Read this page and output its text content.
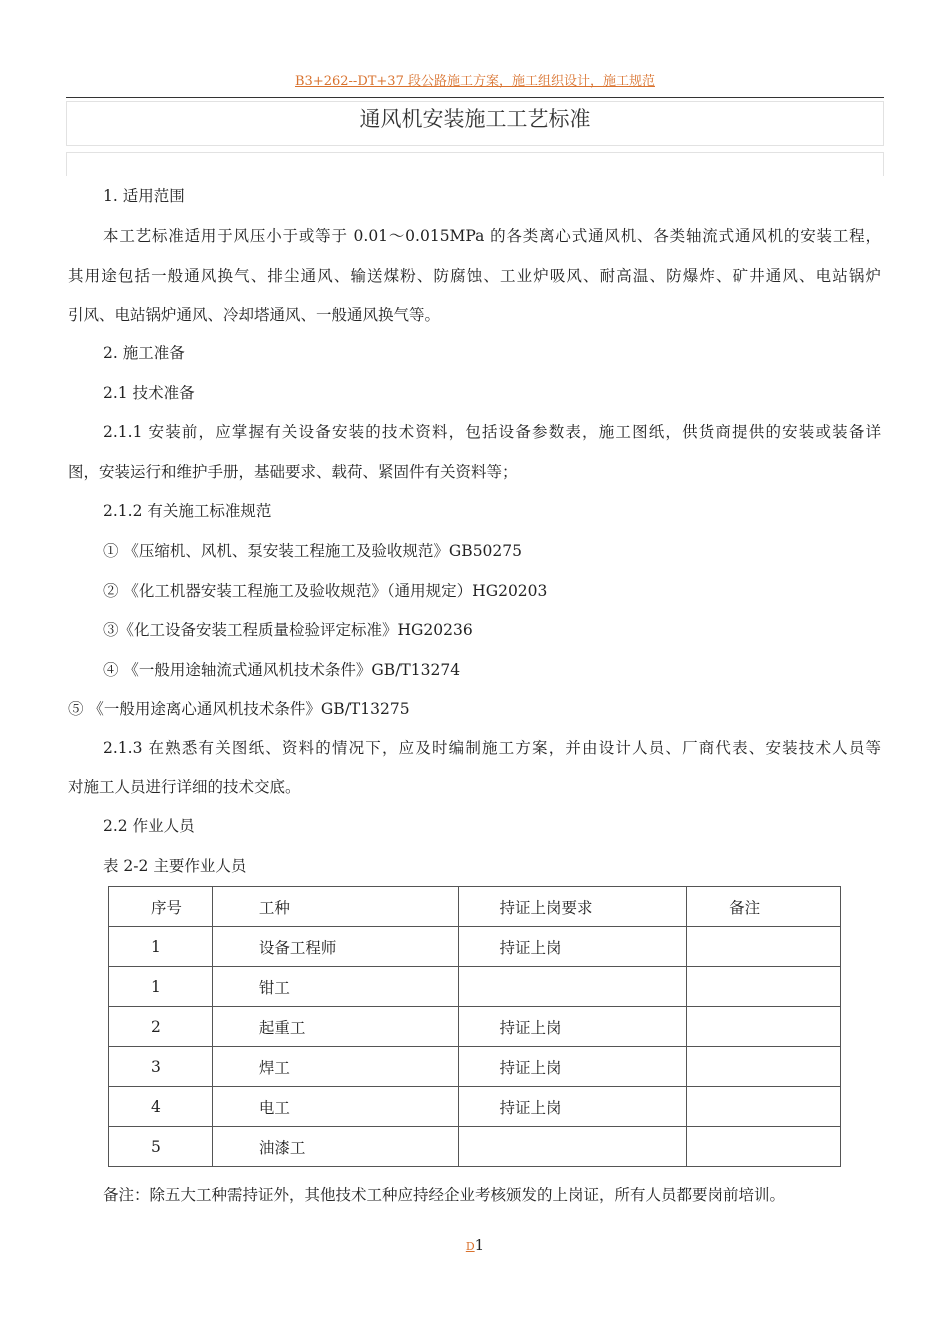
B3+262--DT+37 段公路施工方案，施工组织设计，施工规范
通风机安装施工工艺标准
1. 适用范围
本工艺标准适用于风压小于或等于 0.01～0.015MPa 的各类离心式通风机、各类轴流式通风机的安装工程，
其用途包括一般通风换气、排尘通风、输送煤粉、防腐蚀、工业炉吸风、耐高温、防爆炸、矿井通风、电站锅炉
引风、电站锅炉通风、冷却塔通风、一般通风换气等。
2. 施工准备
2.1 技术准备
2.1.1 安装前，应掌握有关设备安装的技术资料，包括设备参数表，施工图纸，供货商提供的安装或装备详
图，安装运行和维护手册，基础要求、载荷、紧固件有关资料等；
2.1.2 有关施工标准规范
① 《压缩机、风机、泵安装工程施工及验收规范》GB50275
② 《化工机器安装工程施工及验收规范》（通用规定）HG20203
③《化工设备安装工程质量检验评定标准》HG20236
④ 《一般用途轴流式通风机技术条件》GB/T13274
⑤ 《一般用途离心通风机技术条件》GB/T13275
2.1.3 在熟悉有关图纸、资料的情况下，应及时编制施工方案，并由设计人员、厂商代表、安装技术人员等
对施工人员进行详细的技术交底。
2.2 作业人员
表 2-2 主要作业人员
序号	工种	持证上岗要求	备注
1	设备工程师	持证上岗	
1	钳工		
2	起重工	持证上岗	
3	焊工	持证上岗	
4	电工	持证上岗	
5	油漆工		
备注：除五大工种需持证外，其他技术工种应持经企业考核颁发的上岗证，所有人员都要岗前培训。
D1
